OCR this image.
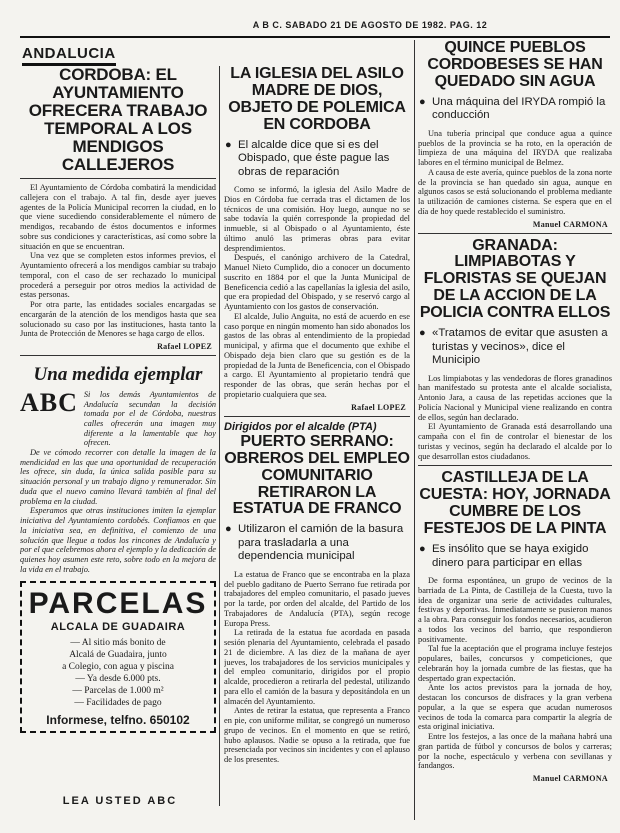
A B C. SABADO 21 DE AGOSTO DE 1982. PAG. 12
ANDALUCIA
CORDOBA: EL AYUNTAMIENTO OFRECERA TRABAJO TEMPORAL A LOS MENDIGOS CALLEJEROS

El Ayuntamiento de Córdoba combatirá la mendicidad callejera con el trabajo. A tal fin, desde ayer jueves agentes de la Policía Municipal recorren la ciudad, en lo que viene sucediendo considerablemente el número de mendigos, recabando de éstos documentos e informes sobre sus condiciones y características, así como sobre la situación en que se encuentran.

Una vez que se completen estos informes previos, el Ayuntamiento ofrecerá a los mendigos cambiar su trabajo temporal, con el caso de ser rechazado lo municipal procederá a perseguir por otros medios la actividad de estas personas.

Por otra parte, las entidades sociales encargadas se encargarán de la atención de los mendigos hasta que sea solucionado su caso por las instituciones, hasta tanto la Junta de Protección de Menores se haga cargo de ellos.

Rafael LOPEZ
Una medida ejemplar
ABC Si los demás Ayuntamientos de Andalucía secundan la decisión tomada por el de Córdoba, nuestras calles ofrecerán una imagen muy diferente a la lamentable que hoy ofrecen.

De ve cómodo recorrer con detalle la imagen de la mendicidad en las que una oportunidad de recuperación les ofrece, sin duda, la única salida posible para su situación personal y un trabajo digno y remunerador. Sin duda que el nuevo camino llevará también al final del problema en la ciudad.

Esperamos que otras instituciones imiten la ejemplar iniciativa del Ayuntamiento cordobés. Confiamos en que la iniciativa sea, en definitiva, el comienzo de una solución que llegue a todos los rincones de Andalucía y por el que celebremos ahora el ejemplo y la dedicación de quienes hoy asumen este reto, sobre todo en la mejora de la vida en el trabajo.

PARCELAS
ALCALA DE GUADAIRA
— Al sitio más bonito de
Alcalá de Guadaira, junto
a Colegio, con agua y piscina
— Ya desde 6.000 pts.
— Parcelas de 1.000 m²
— Facilidades de pago
Informese, telfno. 650102
LEA USTED ABC
LA IGLESIA DEL ASILO MADRE DE DIOS, OBJETO DE POLEMICA EN CORDOBA
● El alcalde dice que si es del Obispado, que éste pague las obras de reparación

Como se informó, la iglesia del Asilo Madre de Dios en Córdoba fue cerrada tras el dictamen de los técnicos de una comisión. Hoy luego, aunque no se sabe todavía la quién corresponde la propiedad del inmueble, si al Obispado o al Ayuntamiento, éste último anuló las primeras obras para evitar desprendimientos.

Después, el canónigo archivero de la Catedral, Manuel Nieto Cumplido, dio a conocer un documento suscrito en 1884 por el que la Junta Municipal de Beneficencia cedió a las capellanías la iglesia del asilo, que era propiedad del Obispado, y se reservó cargo al Ayuntamiento con los gastos de conservación.

El alcalde, Julio Anguita, no está de acuerdo en ese caso porque en ningún momento han sido abonados los gastos de las obras al entendimiento de la propiedad municipal, y afirma que el documento que exhibe el Obispado deja bien claro que su gestión es de la propiedad de la Junta de Beneficencia, con el Obispado a cargo. El Ayuntamiento al propietario tendrá que responder de las obras, que serán hechas por el propietario cualquiera que sea.

Rafael LOPEZ
Dirigidos por el alcalde (PTA)
PUERTO SERRANO: OBREROS DEL EMPLEO COMUNITARIO RETIRARON LA ESTATUA DE FRANCO
● Utilizaron el camión de la basura para trasladarla a una dependencia municipal

La estatua de Franco que se encontraba en la plaza del pueblo gaditano de Puerto Serrano fue retirada por trabajadores del empleo comunitario, el pasado jueves por la tarde, por orden del alcalde, del Partido de los Trabajadores de Andalucía (PTA), según recoge Europa Press.

La retirada de la estatua fue acordada en pasada sesión plenaria del Ayuntamiento, celebrada el pasado 21 de diciembre. A las diez de la mañana de ayer jueves, los trabajadores de los servicios municipales y del empleo comunitario, dirigidos por el propio alcalde, procedieron a retirarla del pedestal, utilizando para ello el camión de la basura y depositándola en un almacén del Ayuntamiento.

Antes de retirar la estatua, que representa a Franco en pie, con uniforme militar, se congregó un numeroso grupo de vecinos. En el momento en que se retiró, hubo aplausos. Nadie se opuso a la retirada, que fue presenciada por vecinos sin incidentes y con el aplauso de los presentes.

QUINCE PUEBLOS CORDOBESES SE HAN QUEDADO SIN AGUA
● Una máquina del IRYDA rompió la conducción

Una tubería principal que conduce agua a quince pueblos de la provincia se ha roto, en la operación de limpieza de una máquina del IRYDA que realizaba labores en el término municipal de Belmez.

A causa de este avería, quince pueblos de la zona norte de la provincia se han quedado sin agua, aunque en algunos casos se está solucionando el problema mediante la utilización de camiones cisterna. Se espera que en el día de hoy quede restablecido el suministro.

Manuel CARMONA
GRANADA: LIMPIABOTAS Y FLORISTAS SE QUEJAN DE LA ACCION DE LA POLICIA CONTRA ELLOS
● «Tratamos de evitar que asusten a turistas y vecinos», dice el Municipio

Los limpiabotas y las vendedoras de flores granadinos han manifestado su protesta ante el alcalde socialista, Antonio Jara, a causa de las repetidas acciones que la Policía Nacional y Municipal viene realizando en contra de ellos, según han declarado.

El Ayuntamiento de Granada está desarrollando una campaña con el fin de controlar el bienestar de los turistas y vecinos, según ha declarado el alcalde por lo que desarrollan estos ciudadanos.

CASTILLEJA DE LA CUESTA: HOY, JORNADA CUMBRE DE LOS FESTEJOS DE LA PINTA
● Es insólito que se haya exigido dinero para participar en ellas

De forma espontánea, un grupo de vecinos de la barriada de La Pinta, de Castilleja de la Cuesta, tuvo la idea de organizar una serie de actividades culturales, festivas y deportivas. Inmediatamente se pusieron manos a la obra. Para conseguir los fondos necesarios, acudieron a todos los vecinos del barrio, que respondieron positivamente.

Tal fue la aceptación que el programa incluye festejos populares, bailes, concursos y competiciones, que celebrarán hoy la jornada cumbre de las fiestas, que ha despertado gran expectación.

Ante los actos previstos para la jornada de hoy, destacan los concursos de disfraces y la gran verbena popular, a la que se espera que acudan numerosos vecinos de toda la comarca para compartir la alegría de esta original iniciativa.

Entre los festejos, a las once de la mañana habrá una gran partida de fútbol y concursos de bolos y carreras; por la noche, espectáculo y verbena con sevillanas y fandangos.

Manuel CARMONA
